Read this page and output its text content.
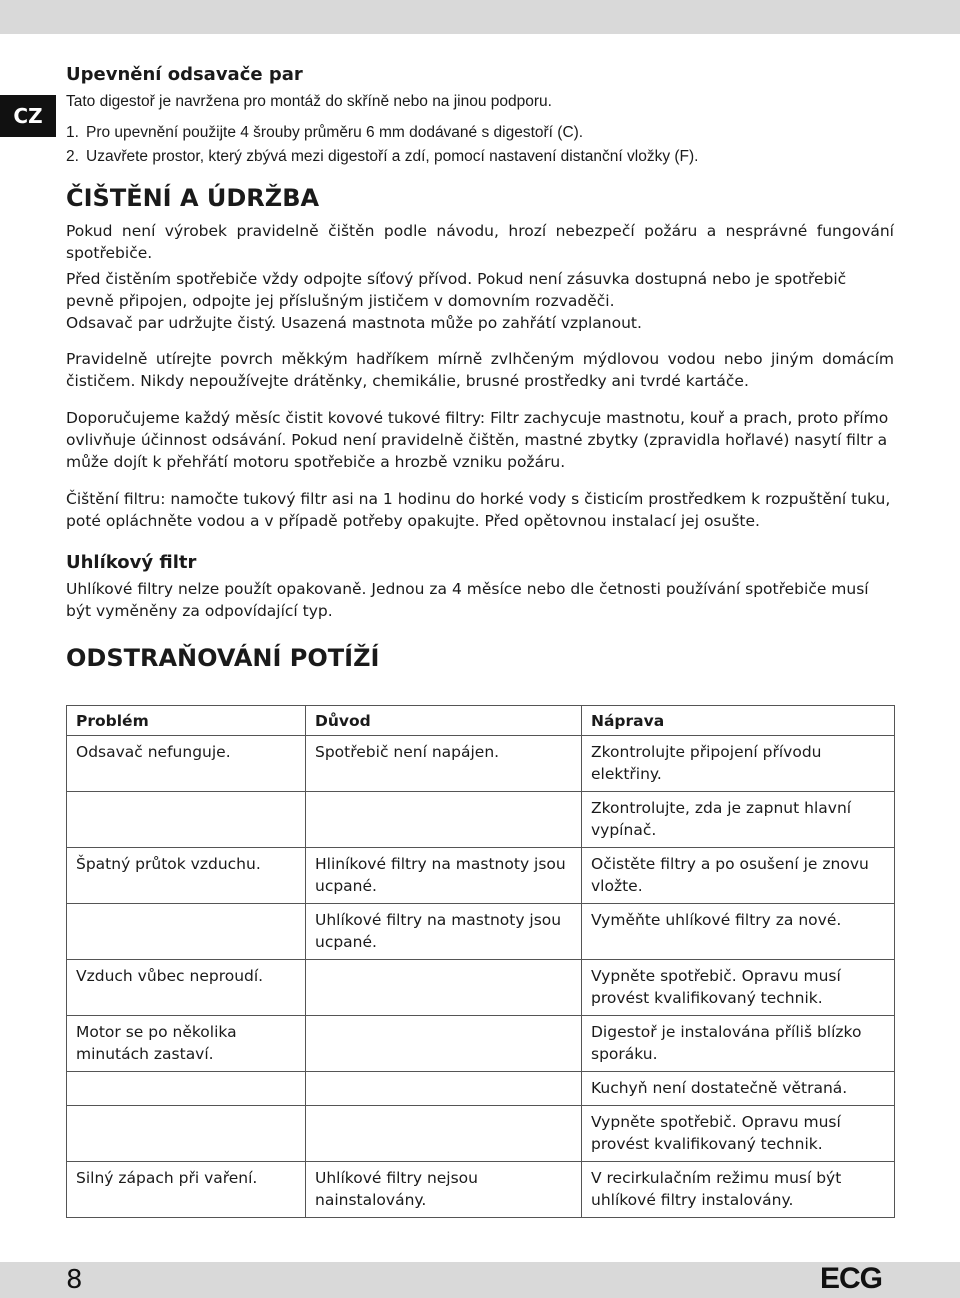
CZ
Upevnění odsavače par

Tato digestoř je navržena pro montáž do skříně nebo na jinou podporu.

1. Pro upevnění použijte 4 šrouby průměru 6 mm dodávané s digestoří (C).
2. Uzavřete prostor, který zbývá mezi digestoří a zdí, pomocí nastavení distanční vložky (F).
ČIŠTĚNÍ A ÚDRŽBA

Pokud není výrobek pravidelně čištěn podle návodu, hrozí nebezpečí požáru a nesprávné fungování spotřebiče.

Před čistěním spotřebiče vždy odpojte síťový přívod. Pokud není zásuvka dostupná nebo je spotřebič pevně připojen, odpojte jej příslušným jističem v domovním rozvaděči.

Odsavač par udržujte čistý. Usazená mastnota může po zahřátí vzplanout.

Pravidelně utírejte povrch měkkým hadříkem mírně zvlhčeným mýdlovou vodou nebo jiným domácím čističem. Nikdy nepoužívejte drátěnky, chemikálie, brusné prostředky ani tvrdé kartáče.

Doporučujeme každý měsíc čistit kovové tukové filtry: Filtr zachycuje mastnotu, kouř a prach, proto přímo ovlivňuje účinnost odsávání. Pokud není pravidelně čištěn, mastné zbytky (zpravidla hořlavé) nasytí filtr a může dojít k přehřátí motoru spotřebiče a hrozbě vzniku požáru.

Čištění filtru: namočte tukový filtr asi na 1 hodinu do horké vody s čisticím prostředkem k rozpuštění tuku, poté opláchněte vodou a v případě potřeby opakujte. Před opětovnou instalací jej osušte.

Uhlíkový filtr

Uhlíkové filtry nelze použít opakovaně. Jednou za 4 měsíce nebo dle četnosti používání spotřebiče musí být vyměněny za odpovídající typ.

ODSTRAŇOVÁNÍ POTÍŽÍ
Problém	Důvod	Náprava
Odsavač nefunguje.	Spotřebič není napájen.	Zkontrolujte připojení přívodu elektřiny.
		Zkontrolujte, zda je zapnut hlavní vypínač.
Špatný průtok vzduchu.	Hliníkové filtry na mastnoty jsou ucpané.	Očistěte filtry a po osušení je znovu vložte.
	Uhlíkové filtry na mastnoty jsou ucpané.	Vyměňte uhlíkové filtry za nové.
Vzduch vůbec neproudí.		Vypněte spotřebič. Opravu musí provést kvalifikovaný technik.
Motor se po několika minutách zastaví.		Digestoř je instalována příliš blízko sporáku.
		Kuchyň není dostatečně větraná.
		Vypněte spotřebič. Opravu musí provést kvalifikovaný technik.
Silný zápach při vaření.	Uhlíkové filtry nejsou nainstalovány.	V recirkulačním režimu musí být uhlíkové filtry instalovány.
8	ECG
